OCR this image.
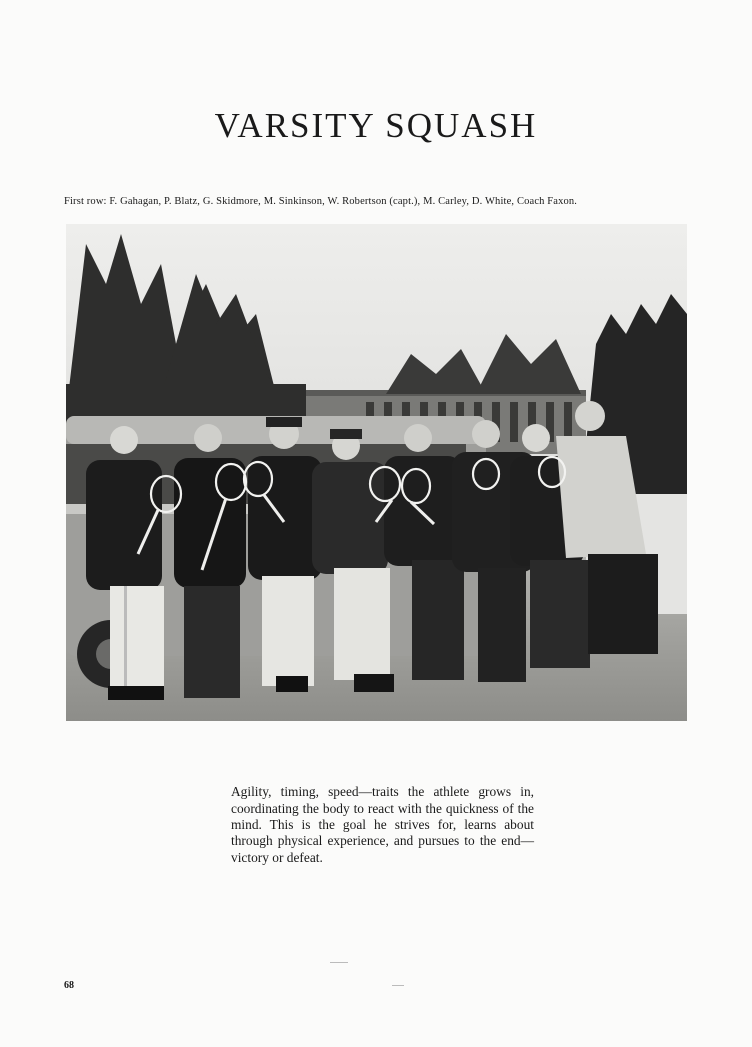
VARSITY SQUASH
First row: F. Gahagan, P. Blatz, G. Skidmore, M. Sinkinson, W. Robertson (capt.), M. Carley, D. White, Coach Faxon.

Agility, timing, speed—traits the athlete grows in, coordinating the body to react with the quickness of the mind. This is the goal he strives for, learns about through physical experience, and pursues to the end—victory or defeat.

68
